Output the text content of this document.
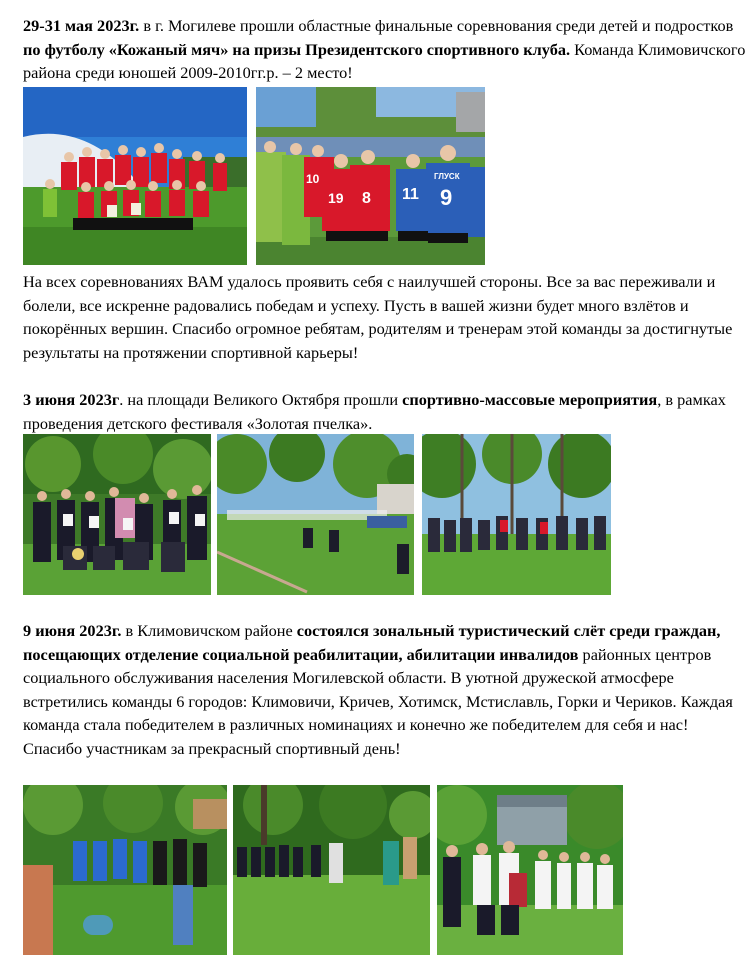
29-31 мая 2023г. в г. Могилеве прошли областные финальные соревнования среди детей и подростков по футболу «Кожаный мяч» на призы Президентского спортивного клуба. Команда Климовичского района среди юношей 2009-2010гг.р. – 2 место!

10
19 8 11 9
ГЛУСК

На всех соревнованиях ВАМ удалось проявить себя с наилучшей стороны. Все за вас переживали и болели, все искренне радовались победам и успеху. Пусть в вашей жизни будет много взлётов и покорённых вершин. Спасибо огромное ребятам, родителям и тренерам этой команды за достигнутые результаты на протяжении спортивной карьеры!

3 июня 2023г. на площади Великого Октября прошли спортивно-массовые мероприятия, в рамках проведения детского фестиваля «Золотая пчелка».

9 июня 2023г. в Климовичском районе состоялся зональный туристический слёт среди граждан, посещающих отделение социальной реабилитации, абилитации инвалидов районных центров социального обслуживания населения Могилевской области. В уютной дружеской атмосфере встретились команды 6 городов: Климовичи, Кричев, Хотимск, Мстиславль, Горки и Чериков. Каждая команда стала победителем в различных номинациях и конечно же победителем для себя и нас! Спасибо участникам за прекрасный спортивный день!
